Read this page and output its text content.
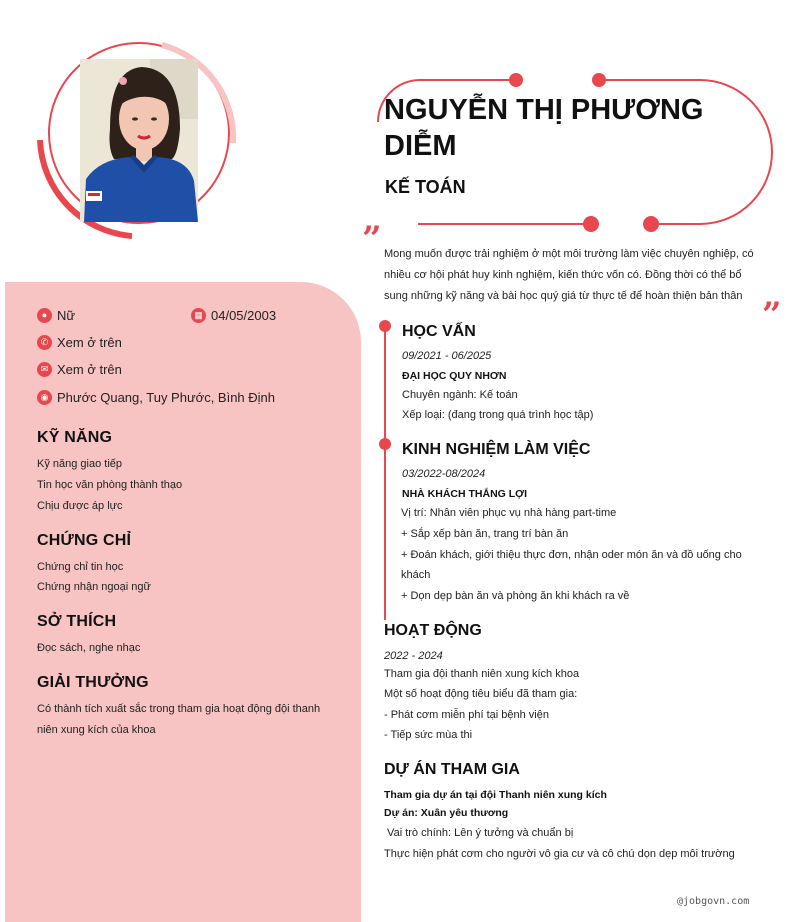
NGUYỄN THỊ PHƯƠNG
DIỄM
KẾ TOÁN
”
”
Mong muốn được trải nghiệm ở một môi trường làm việc chuyên nghiệp, có
nhiều cơ hội phát huy kinh nghiệm, kiến thức vốn có. Đồng thời có thể bổ
sung những kỹ năng và bài học quý giá từ thực tế để hoàn thiện bản thân
● Nữ	▦ 04/05/2003
✆ Xem ở trên
✉ Xem ở trên
◉ Phước Quang, Tuy Phước, Bình Định
KỸ NĂNG
Kỹ năng giao tiếp
Tin học văn phòng thành thạo
Chịu được áp lực
CHỨNG CHỈ
Chứng chỉ tin học
Chứng nhận ngoại ngữ
SỞ THÍCH
Đọc sách, nghe nhạc
GIẢI THƯỞNG
Có thành tích xuất sắc trong tham gia hoạt động đội thanh
niên xung kích của khoa
HỌC VẤN
09/2021 - 06/2025
ĐẠI HỌC QUY NHƠN
Chuyên ngành: Kế toán
Xếp loại: (đang trong quá trình học tập)
KINH NGHIỆM LÀM VIỆC
03/2022-08/2024
NHÀ KHÁCH THẮNG LỢI
Vị trí: Nhân viên phục vụ nhà hàng part-time
+ Sắp xếp bàn ăn, trang trí bàn ăn
+ Đoán khách, giới thiệu thực đơn, nhận oder món ăn và đồ uống cho
khách
+ Dọn dẹp bàn ăn và phòng ăn khi khách ra về
HOẠT ĐỘNG
2022 - 2024
Tham gia đội thanh niên xung kích khoa
Một số hoạt động tiêu biểu đã tham gia:
- Phát cơm miễn phí tại bệnh viện
- Tiếp sức mùa thi
DỰ ÁN THAM GIA
Tham gia dự án tại đội Thanh niên xung kích
Dự án: Xuân yêu thương
Vai trò chính: Lên ý tưởng và chuẩn bị
Thực hiện phát cơm cho người vô gia cư và cô chú dọn dẹp môi trường
@jobgovn.com
